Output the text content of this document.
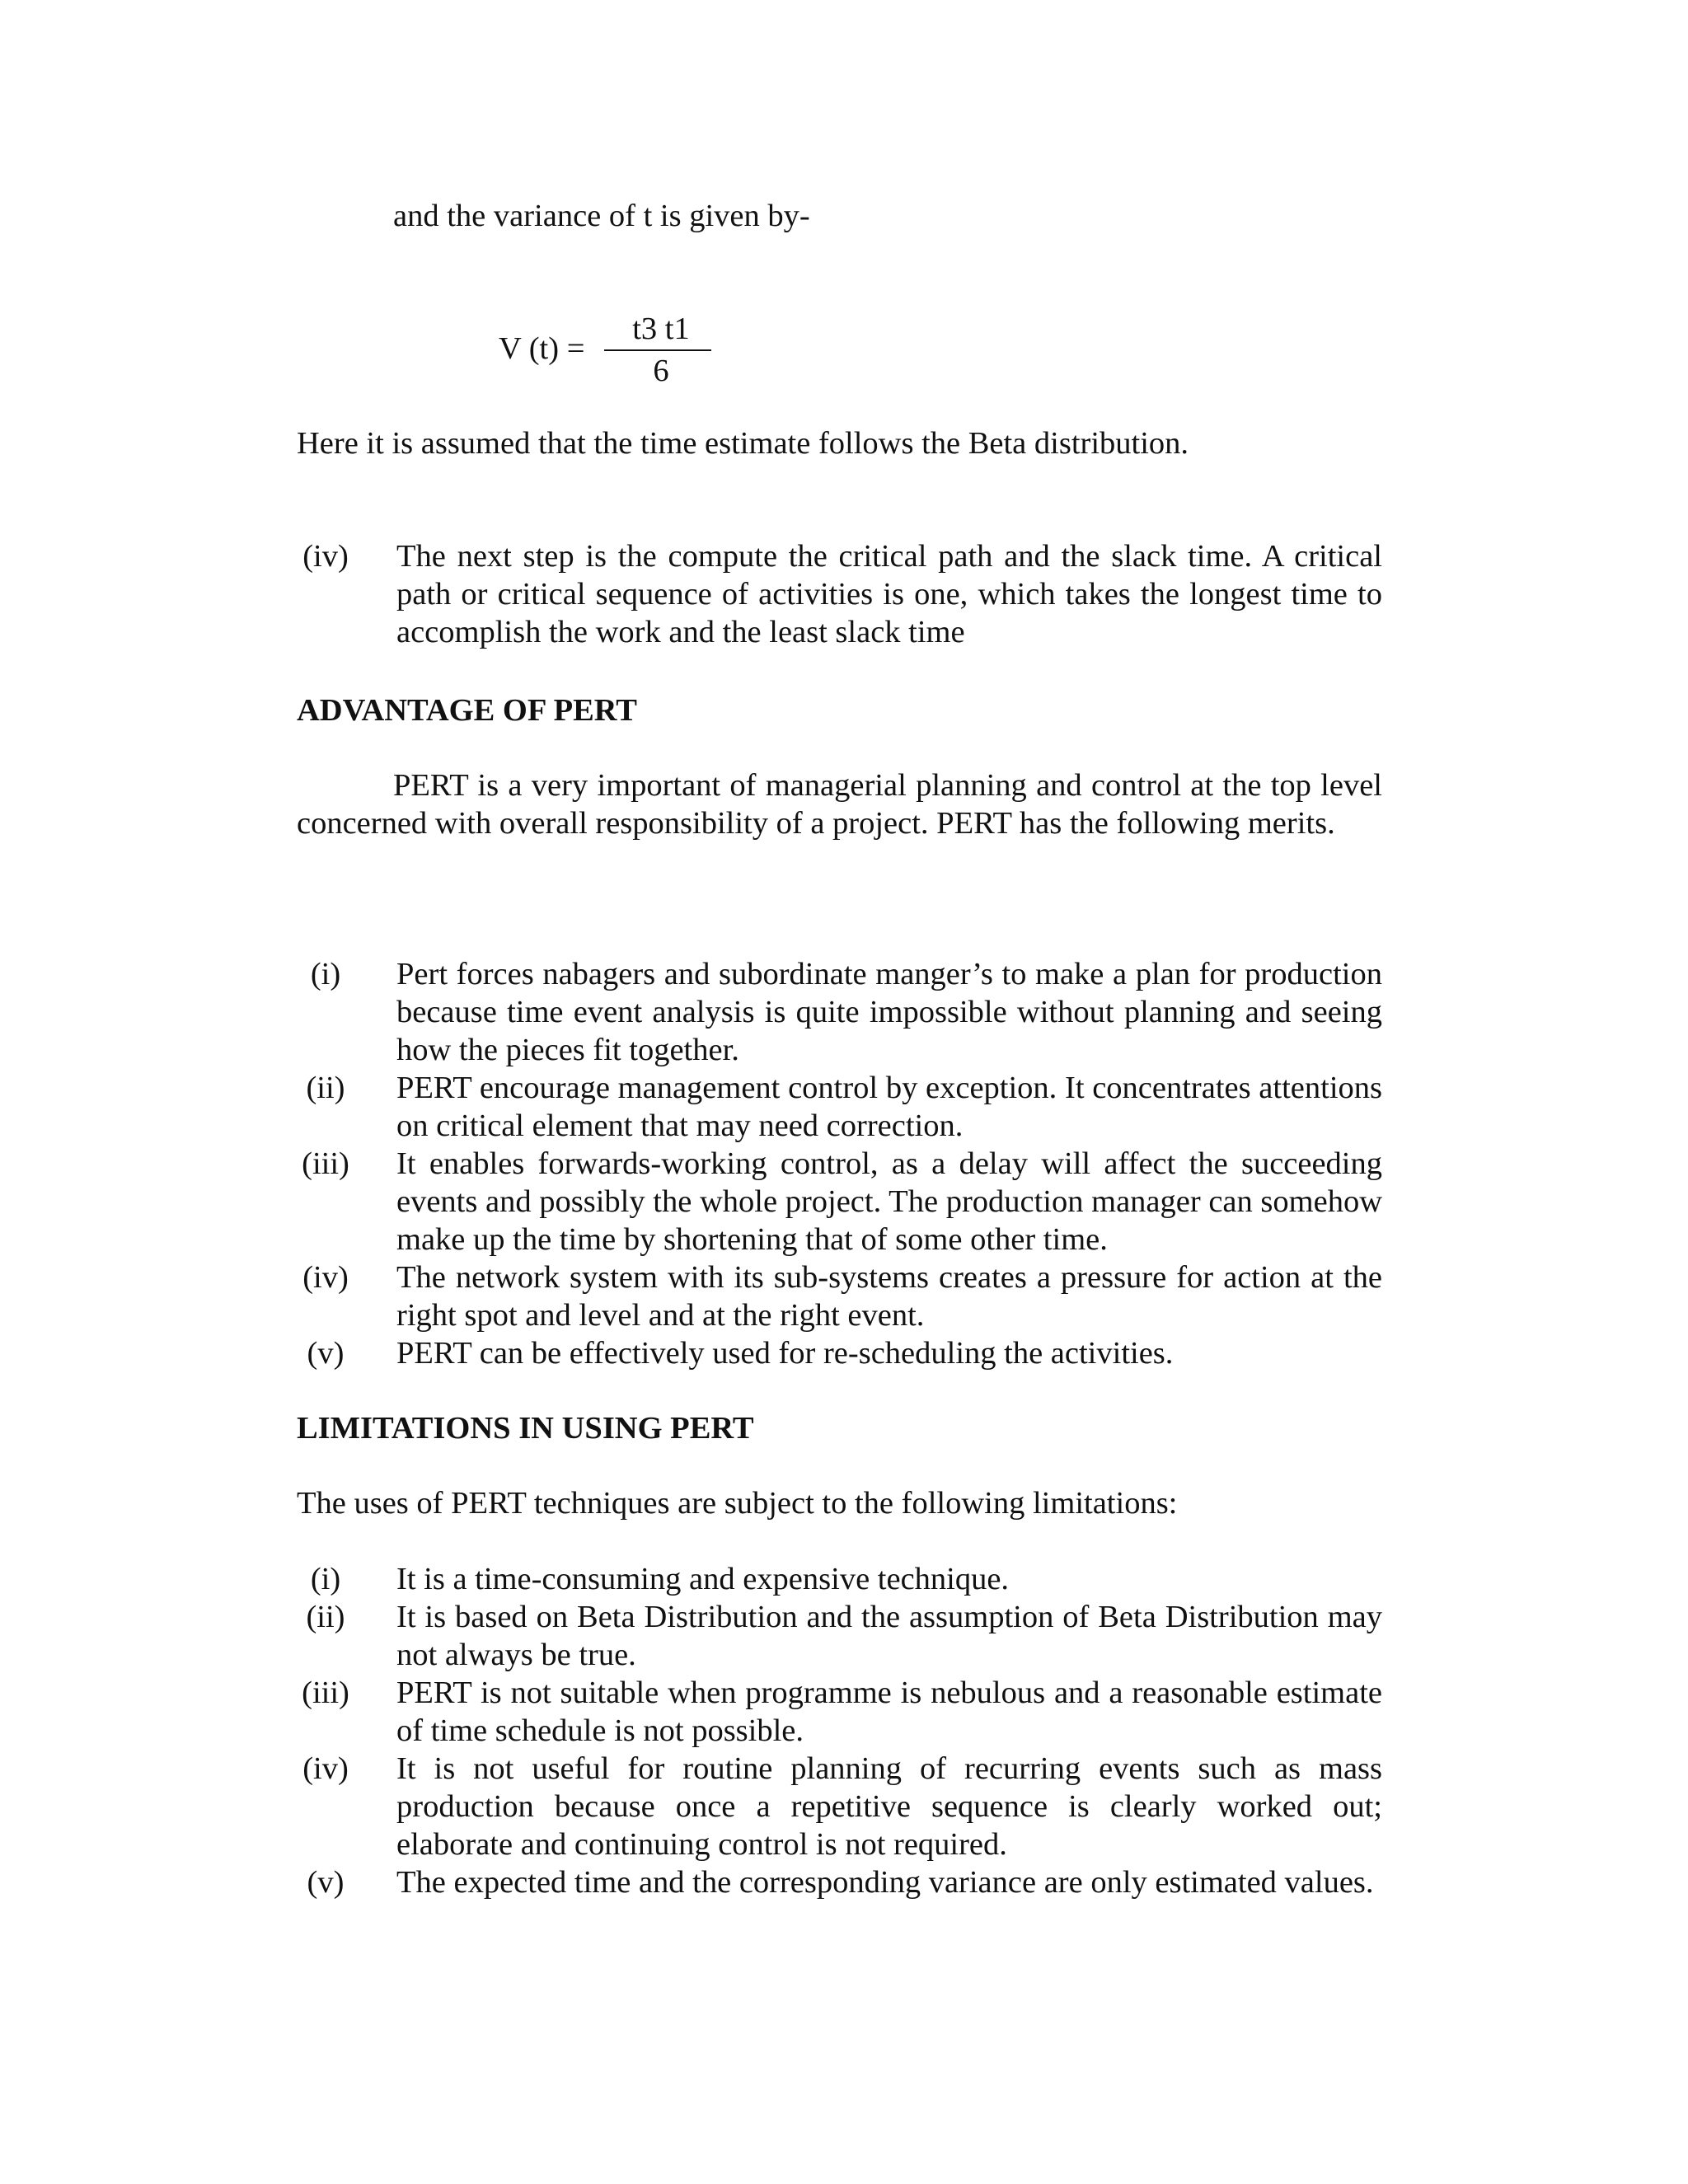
and the variance of t is given by-
V (t) =
t3 t1
6
Here it is assumed that the time estimate follows the Beta distribution.
(iv) The next step is the compute the critical path and the slack time. A critical path or critical sequence of activities is one, which takes the longest time to accomplish the work and the least slack time
ADVANTAGE OF PERT
PERT is a very important of managerial planning and control at the top level concerned with overall responsibility of a project. PERT has the following merits.
(i)	Pert forces nabagers and subordinate manger’s to make a plan for production because time event analysis is quite impossible without planning and seeing how the pieces fit together.
(ii) PERT encourage management control by exception. It concentrates attentions on critical element that may need correction.
(iii) It enables forwards-working control, as a delay will affect the succeeding events and possibly the whole project. The production manager can somehow make up the time by shortening that of some other time.
(iv) The network system with its sub-systems creates a pressure for action at the right spot and level and at the right event.
(v)	PERT can be effectively used for re-scheduling the activities.
LIMITATIONS IN USING PERT
The uses of PERT techniques are subject to the following limitations:
(i)	It is a time-consuming and expensive technique.
(ii) It is based on Beta Distribution and the assumption of Beta Distribution may not always be true.
(iii) PERT is not suitable when programme is nebulous and a reasonable estimate of time schedule is not possible.
(iv) It is not useful for routine planning of recurring events such as mass production because once a repetitive sequence is clearly worked out; elaborate and continuing control is not required.
(v)	The expected time and the corresponding variance are only estimated values.
